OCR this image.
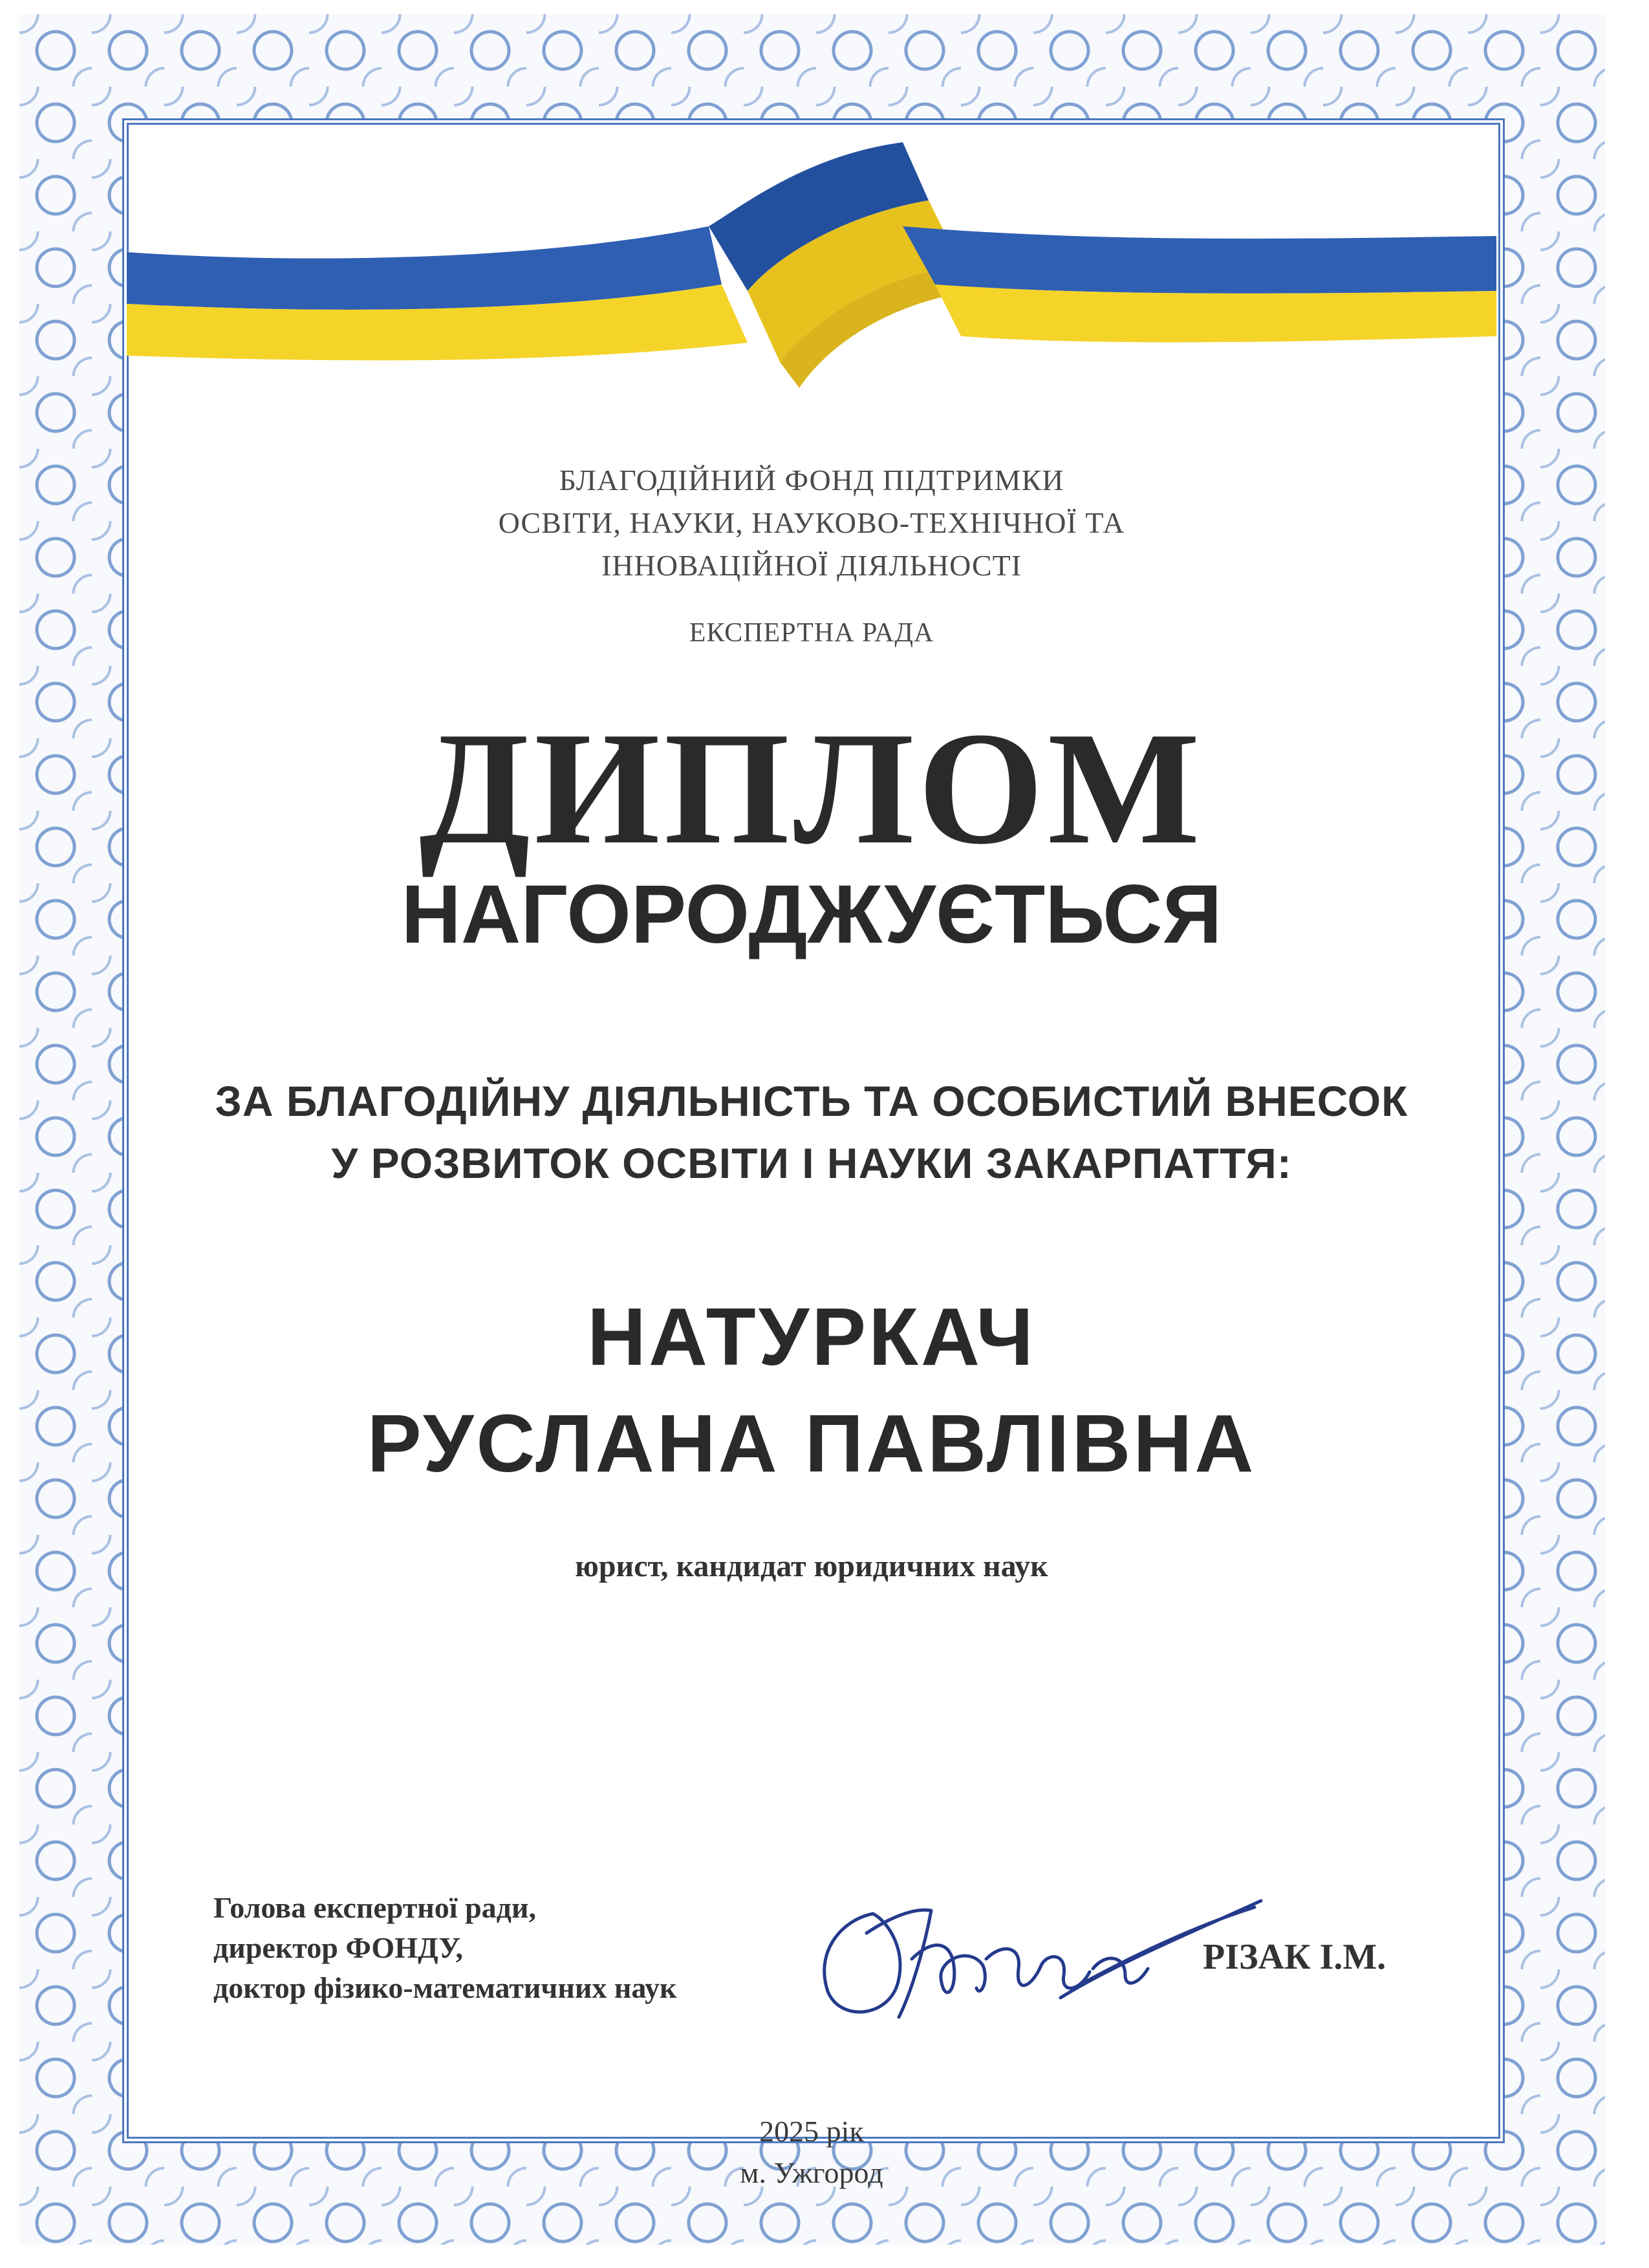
БЛАГОДІЙНИЙ ФОНД ПІДТРИМКИ
ОСВІТИ, НАУКИ, НАУКОВО-ТЕХНІЧНОЇ ТА
ІННОВАЦІЙНОЇ ДІЯЛЬНОСТІ
ЕКСПЕРТНА РАДА
ДИПЛОМ
НАГОРОДЖУЄТЬСЯ
ЗА БЛАГОДІЙНУ ДІЯЛЬНІСТЬ ТА ОСОБИСТИЙ ВНЕСОК
У РОЗВИТОК ОСВІТИ І НАУКИ ЗАКАРПАТТЯ:
НАТУРКАЧ
РУСЛАНА ПАВЛІВНА
юрист, кандидат юридичних наук
Голова експертної ради,
директор ФОНДУ,
доктор фізико-математичних наук
РІЗАК І.М.
2025 рік
м. Ужгород
